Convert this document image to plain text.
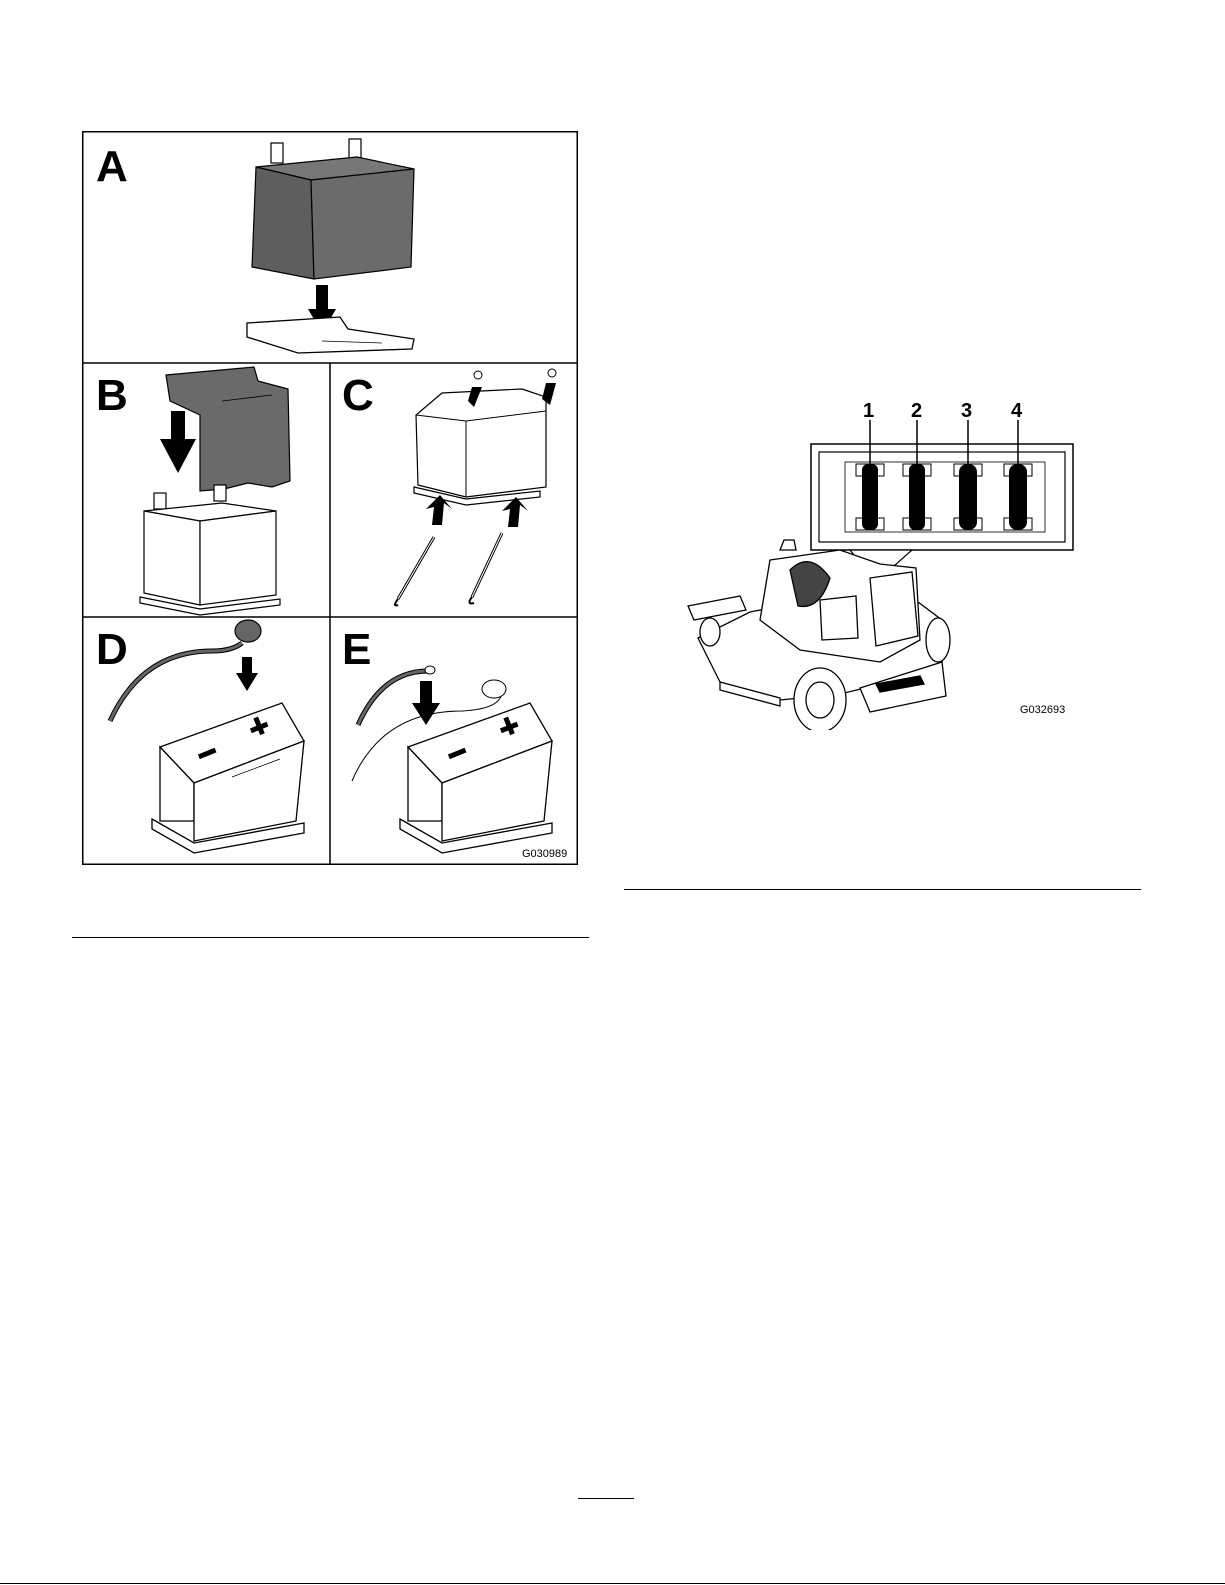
A
B	C
D	E
G030989
1 2 3 4
G032693
